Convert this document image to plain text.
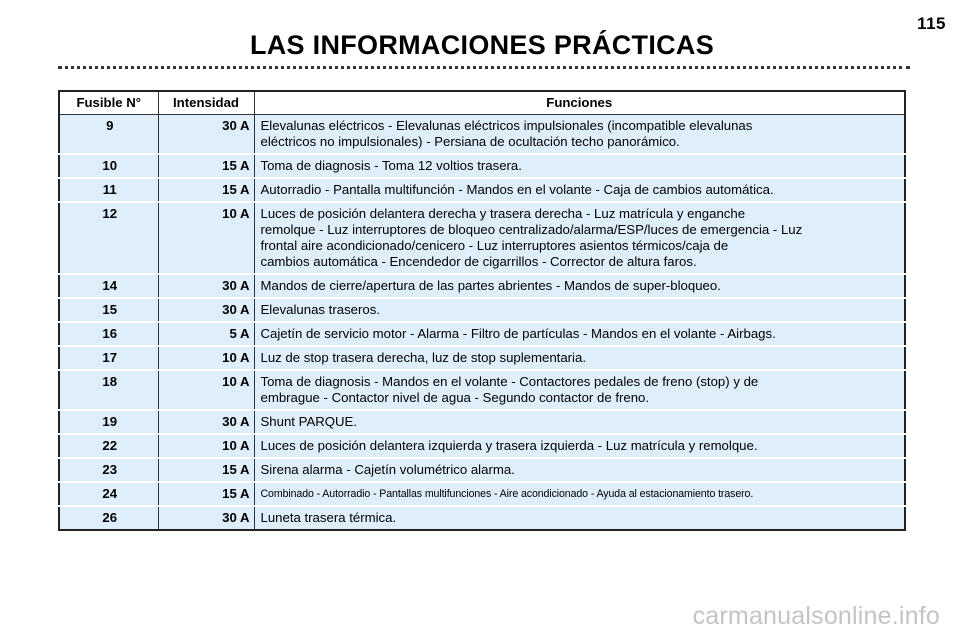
115
LAS INFORMACIONES PRÁCTICAS
Fusible N°	Intensidad	Funciones
9	30 A	Elevalunas eléctricos - Elevalunas eléctricos impulsionales (incompatible elevalunas
eléctricos no impulsionales) - Persiana de ocultación techo panorámico.

10	15 A	Toma de diagnosis - Toma 12 voltios trasera.

11	15 A	Autorradio - Pantalla multifunción - Mandos en el volante - Caja de cambios automática.

12	10 A	Luces de posición delantera derecha y trasera derecha - Luz matrícula y enganche
remolque - Luz interruptores de bloqueo centralizado/alarma/ESP/luces de emergencia - Luz
frontal aire acondicionado/cenicero - Luz interruptores asientos térmicos/caja de
cambios automática - Encendedor de cigarrillos - Corrector de altura faros.

14	30 A	Mandos de cierre/apertura de las partes abrientes - Mandos de super-bloqueo.

15	30 A	Elevalunas traseros.

16	5 A	Cajetín de servicio motor - Alarma - Filtro de partículas - Mandos en el volante - Airbags.

17	10 A	Luz de stop trasera derecha, luz de stop suplementaria.

18	10 A	Toma de diagnosis - Mandos en el volante - Contactores pedales de freno (stop) y de
embrague - Contactor nivel de agua - Segundo contactor de freno.

19	30 A	Shunt PARQUE.

22	10 A	Luces de posición delantera izquierda y trasera izquierda - Luz matrícula y remolque.

23	15 A	Sirena alarma - Cajetín volumétrico alarma.

24	15 A	Combinado - Autorradio - Pantallas multifunciones - Aire acondicionado - Ayuda al estacionamiento trasero.

26	30 A	Luneta trasera térmica.
carmanualsonline.info
